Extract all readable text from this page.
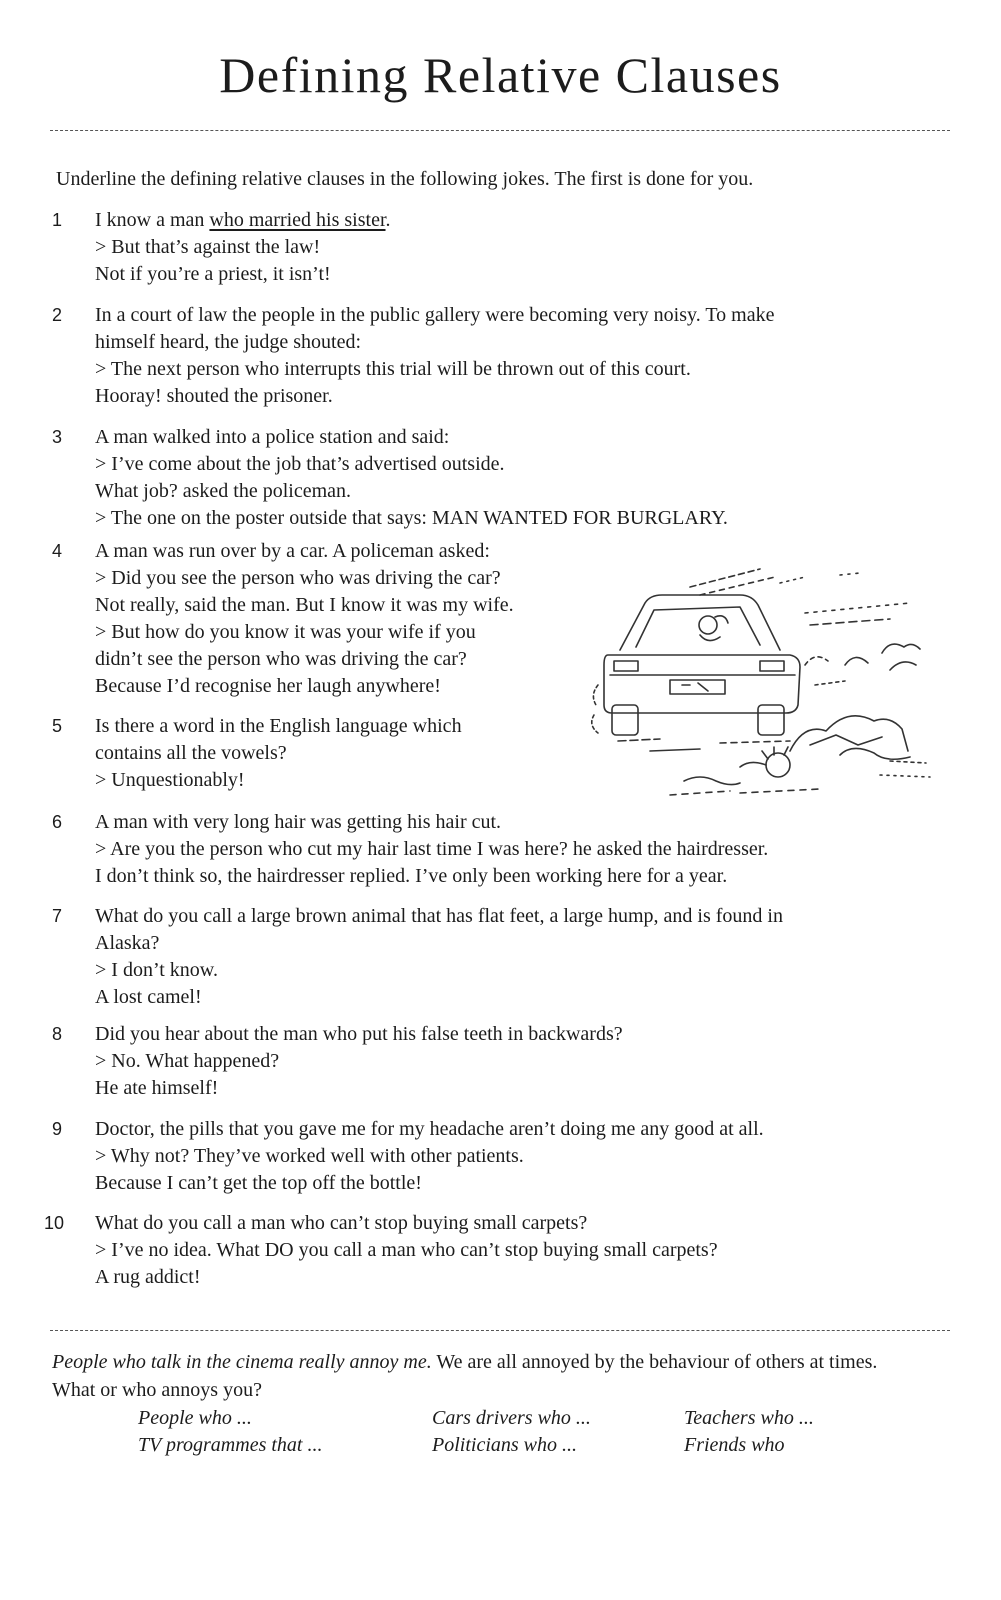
Defining Relative Clauses

Underline the defining relative clauses in the following jokes. The first is done for you.

1 I know a man who married his sister.
> But that’s against the law!
Not if you’re a priest, it isn’t!
2 In a court of law the people in the public gallery were becoming very noisy. To make
himself heard, the judge shouted:
> The next person who interrupts this trial will be thrown out of this court.
Hooray! shouted the prisoner.
3 A man walked into a police station and said:
> I’ve come about the job that’s advertised outside.
What job? asked the policeman.
> The one on the poster outside that says: MAN WANTED FOR BURGLARY.
4 A man was run over by a car. A policeman asked:
> Did you see the person who was driving the car?
Not really, said the man. But I know it was my wife.
> But how do you know it was your wife if you
didn’t see the person who was driving the car?
Because I’d recognise her laugh anywhere!
5 Is there a word in the English language which
contains all the vowels?
> Unquestionably!
6 A man with very long hair was getting his hair cut.
> Are you the person who cut my hair last time I was here? he asked the hairdresser.
I don’t think so, the hairdresser replied. I’ve only been working here for a year.
7 What do you call a large brown animal that has flat feet, a large hump, and is found in
Alaska?
> I don’t know.
A lost camel!
8 Did you hear about the man who put his false teeth in backwards?
> No. What happened?
He ate himself!
9 Doctor, the pills that you gave me for my headache aren’t doing me any good at all.
> Why not? They’ve worked well with other patients.
Because I can’t get the top off the bottle!
10 What do you call a man who can’t stop buying small carpets?
> I’ve no idea. What DO you call a man who can’t stop buying small carpets?
A rug addict!

People who talk in the cinema really annoy me. We are all annoyed by the behaviour of others at times. What or who annoys you?

People who ...	Cars drivers who ...	Teachers who ...
TV programmes that ...	Politicians who ...	Friends who
